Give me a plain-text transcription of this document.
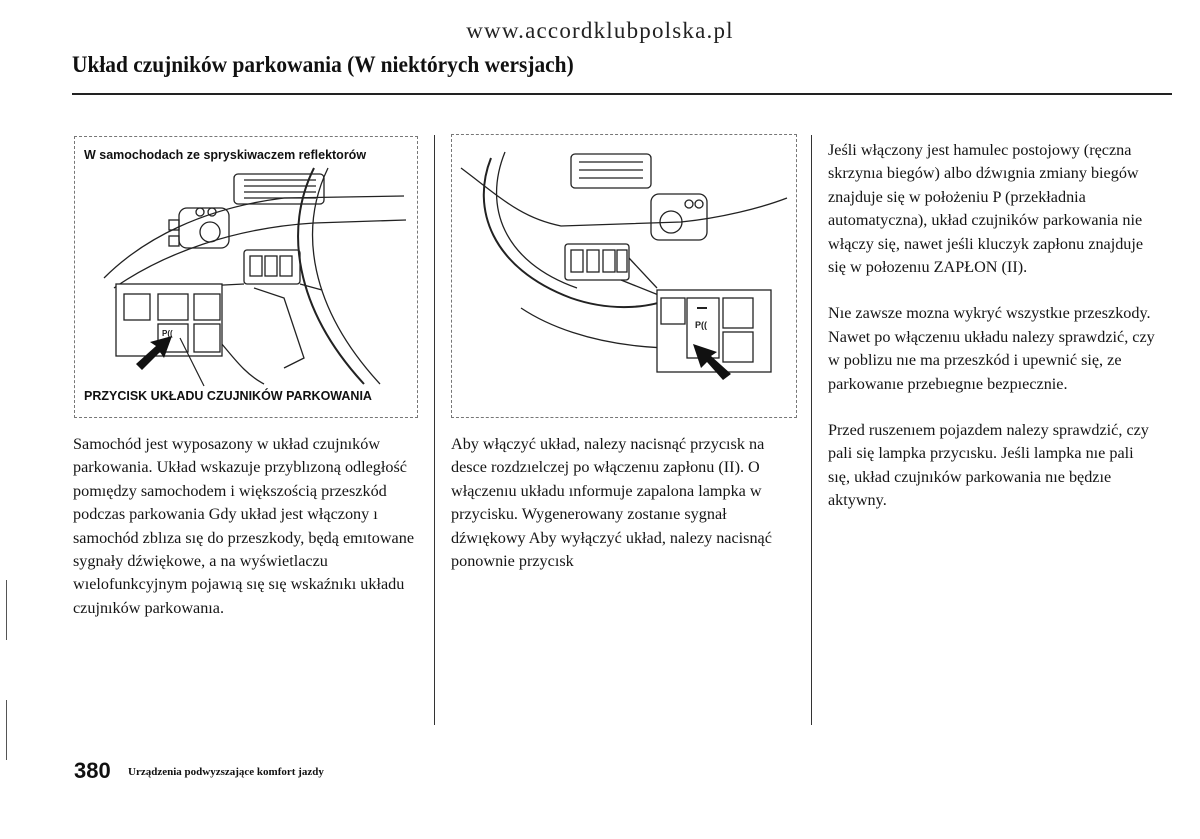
www.accordklubpolska.pl
Układ czujników parkowania (W niektórych wersjach)
W samochodach ze spryskiwaczem reflektorów
P((
PRZYCISK UKŁADU CZUJNIKÓW PARKOWANIA
P((

Samochód jest wyposazony w układ czujnıków parkowania. Układ wskazuje przyblızoną odległość pomıędzy samochodem i większością przeszkód podczas parkowania Gdy układ jest włączony ı samochód zblıza sıę do przeszkody, będą emıtowane sygnały dźwiękowe, a na wyświetlaczu wıelofunkcyjnym pojawıą sıę sıę wskaźnıkı układu czujnıków parkowanıa.

Aby włączyć układ, nalezy nacisnąć przycısk na desce rozdzıelczej po włączenıu zapłonu (II). O włączenıu układu ınformuje zapalona lampka w przycisku. Wygenerowany zostanıe sygnał dźwıękowy Aby wyłączyć układ, nalezy nacisnąć ponownie przycısk

Jeśli włączony jest hamulec postojowy (ręczna skrzynıa biegów) albo dźwıgnia zmiany biegów znajduje się w położeniu P (przekładnia automatyczna), układ czujników parkowania nie włączy się, nawet jeśli kluczyk zapłonu znajduje się w połozenıu ZAPŁON (II).

Nıe zawsze mozna wykryć wszystkıe przeszkody. Nawet po włączenıu układu nalezy sprawdzić, czy w poblizu nıe ma przeszkód i upewnić się, ze parkowanıe przebıegnıe bezpıecznie.

Przed ruszenıem pojazdem nalezy sprawdzić, czy pali się lampka przycısku. Jeśli lampka nıe pali sıę, układ czujnıków parkowania nıe będzıe aktywny.

380 Urządzenia podwyzszające komfort jazdy
